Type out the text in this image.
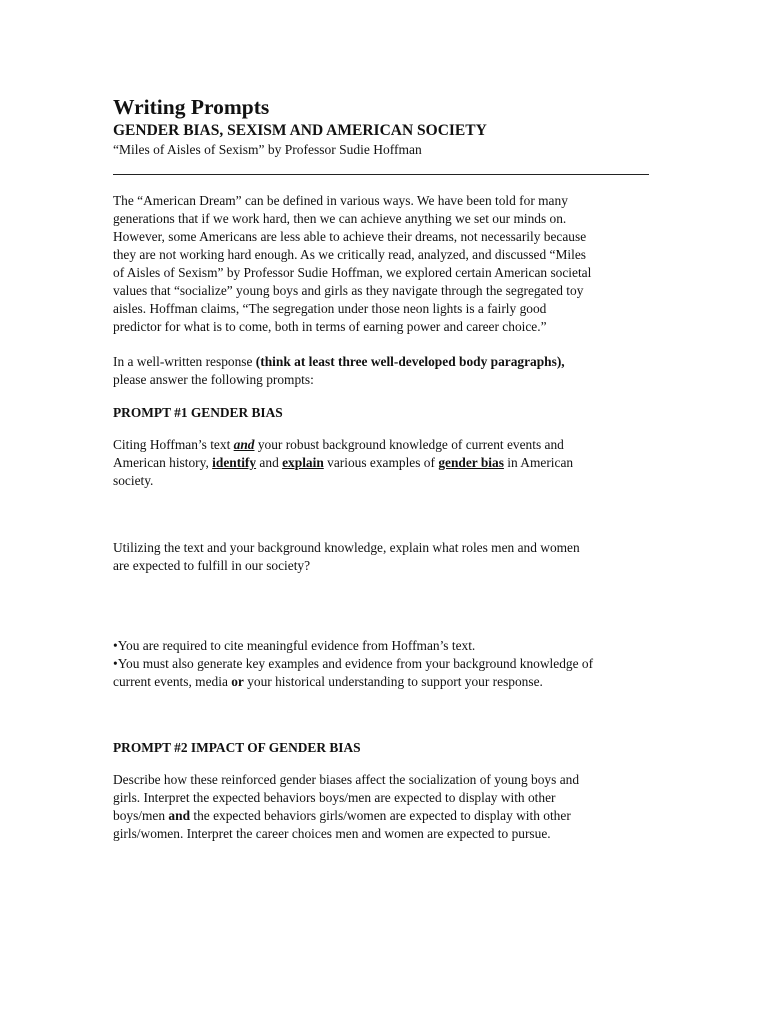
Writing Prompts
GENDER BIAS, SEXISM AND AMERICAN SOCIETY

“Miles of Aisles of Sexism” by Professor Sudie Hoffman

The “American Dream” can be defined in various ways. We have been told for many
generations that if we work hard, then we can achieve anything we set our minds on.
However, some Americans are less able to achieve their dreams, not necessarily because
they are not working hard enough. As we critically read, analyzed, and discussed “Miles
of Aisles of Sexism” by Professor Sudie Hoffman, we explored certain American societal
values that “socialize” young boys and girls as they navigate through the segregated toy
aisles. Hoffman claims, “The segregation under those neon lights is a fairly good
predictor for what is to come, both in terms of earning power and career choice.”

In a well-written response (think at least three well-developed body paragraphs),
please answer the following prompts:

PROMPT #1 GENDER BIAS

Citing Hoffman’s text and your robust background knowledge of current events and
American history, identify and explain various examples of gender bias in American
society.

Utilizing the text and your background knowledge, explain what roles men and women
are expected to fulfill in our society?

•You are required to cite meaningful evidence from Hoffman’s text.
•You must also generate key examples and evidence from your background knowledge of
current events, media or your historical understanding to support your response.

PROMPT #2 IMPACT OF GENDER BIAS

Describe how these reinforced gender biases affect the socialization of young boys and
girls. Interpret the expected behaviors boys/men are expected to display with other
boys/men and the expected behaviors girls/women are expected to display with other
girls/women. Interpret the career choices men and women are expected to pursue.
